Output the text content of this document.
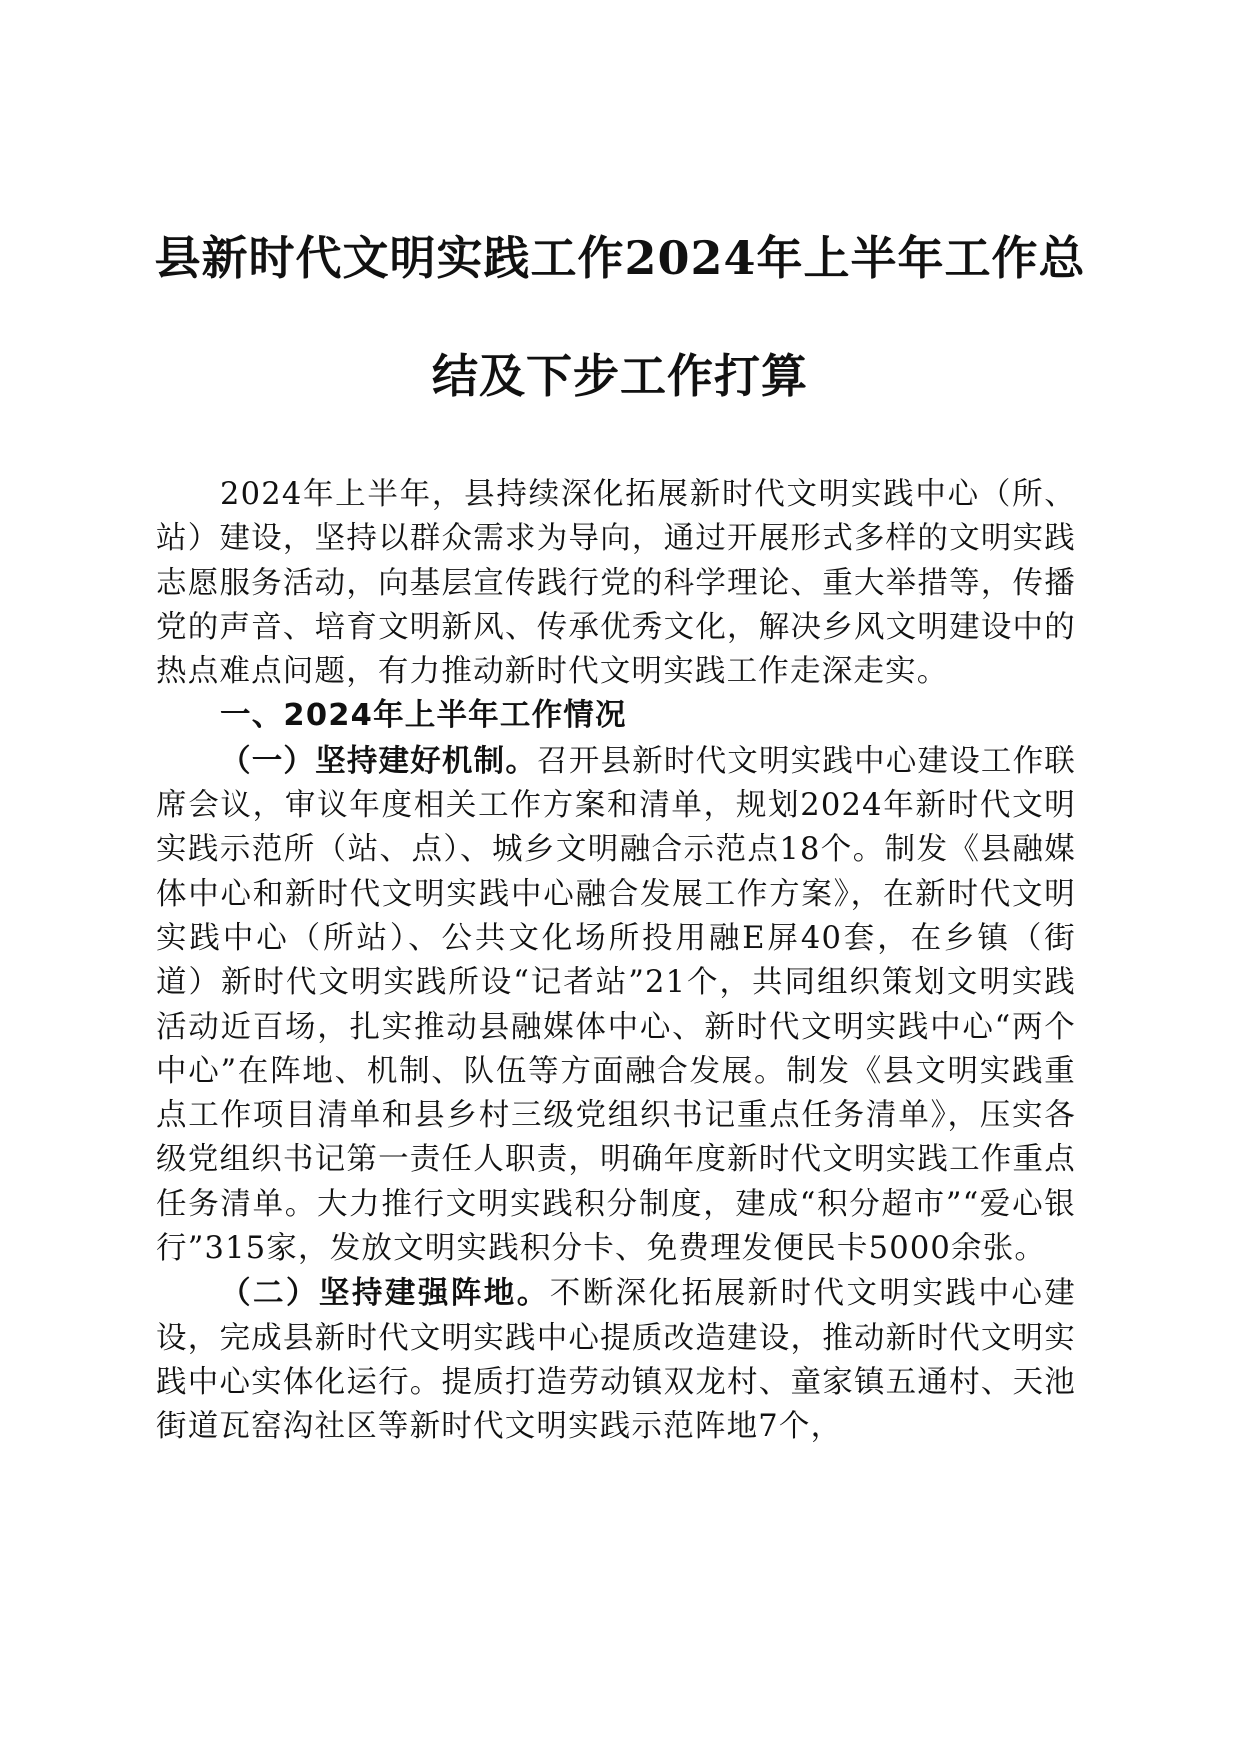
县新时代文明实践工作2024年上半年工作总
结及下步工作打算

2024年上半年，县持续深化拓展新时代文明实践中心（所、站）建设，坚持以群众需求为导向，通过开展形式多样的文明实践志愿服务活动，向基层宣传践行党的科学理论、重大举措等，传播党的声音、培育文明新风、传承优秀文化，解决乡风文明建设中的热点难点问题，有力推动新时代文明实践工作走深走实。

一、2024年上半年工作情况

（一）坚持建好机制。召开县新时代文明实践中心建设工作联席会议，审议年度相关工作方案和清单，规划2024年新时代文明实践示范所（站、点）、城乡文明融合示范点18个。制发《县融媒体中心和新时代文明实践中心融合发展工作方案》，在新时代文明实践中心（所站）、公共文化场所投用融E屏40套，在乡镇（街道）新时代文明实践所设“记者站”21个，共同组织策划文明实践活动近百场，扎实推动县融媒体中心、新时代文明实践中心“两个中心”在阵地、机制、队伍等方面融合发展。制发《县文明实践重点工作项目清单和县乡村三级党组织书记重点任务清单》，压实各级党组织书记第一责任人职责，明确年度新时代文明实践工作重点任务清单。大力推行文明实践积分制度，建成“积分超市”“爱心银行”315家，发放文明实践积分卡、免费理发便民卡5000余张。

（二）坚持建强阵地。不断深化拓展新时代文明实践中心建设，完成县新时代文明实践中心提质改造建设，推动新时代文明实践中心实体化运行。提质打造劳动镇双龙村、童家镇五通村、天池街道瓦窑沟社区等新时代文明实践示范阵地7个，
